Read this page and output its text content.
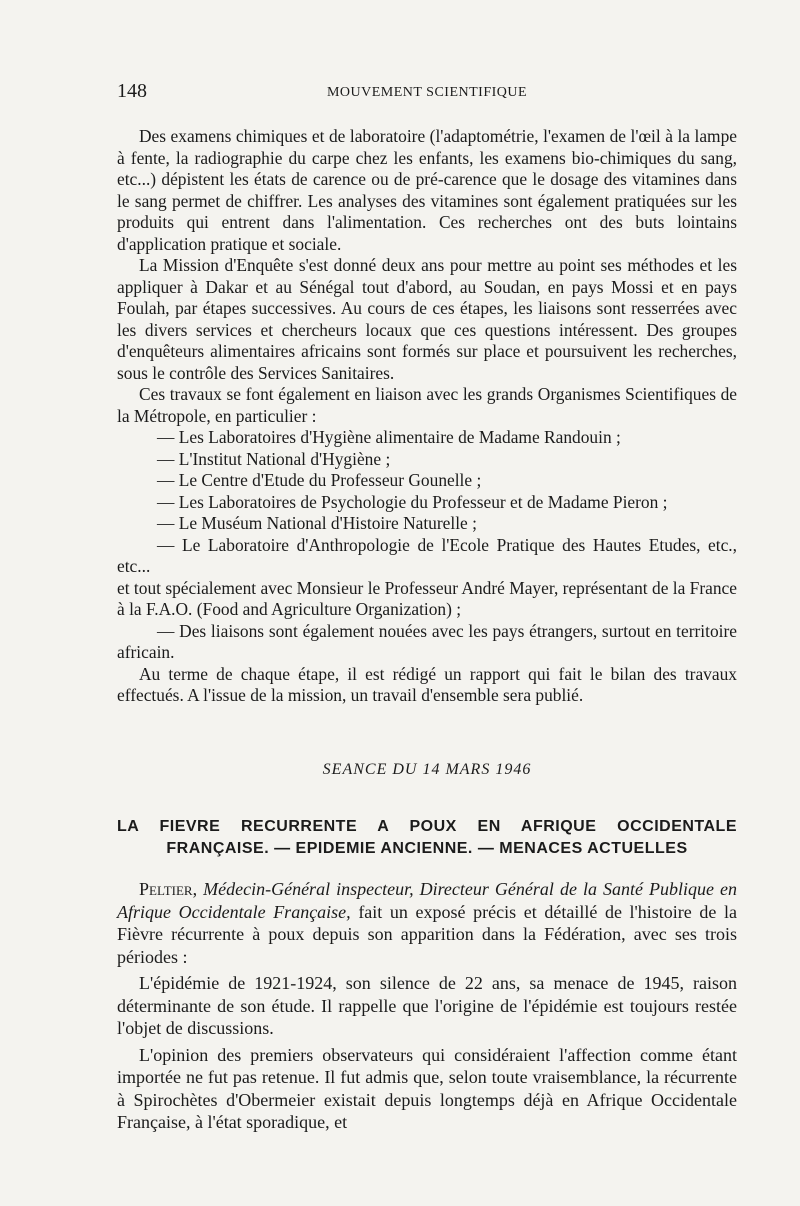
148	MOUVEMENT SCIENTIFIQUE

Des examens chimiques et de laboratoire (l'adaptométrie, l'examen de l'œil à la lampe à fente, la radiographie du carpe chez les enfants, les examens bio-chimiques du sang, etc...) dépistent les états de carence ou de pré-carence que le dosage des vitamines dans le sang permet de chiffrer. Les analyses des vitamines sont également pratiquées sur les produits qui entrent dans l'alimentation. Ces recherches ont des buts lointains d'application pratique et sociale.

La Mission d'Enquête s'est donné deux ans pour mettre au point ses méthodes et les appliquer à Dakar et au Sénégal tout d'abord, au Soudan, en pays Mossi et en pays Foulah, par étapes successives. Au cours de ces étapes, les liaisons sont resserrées avec les divers services et chercheurs locaux que ces questions intéressent. Des groupes d'enquêteurs alimentaires africains sont formés sur place et poursuivent les recherches, sous le contrôle des Services Sanitaires.

Ces travaux se font également en liaison avec les grands Organismes Scientifiques de la Métropole, en particulier :

— Les Laboratoires d'Hygiène alimentaire de Madame Randouin ;

— L'Institut National d'Hygiène ;

— Le Centre d'Etude du Professeur Gounelle ;

— Les Laboratoires de Psychologie du Professeur et de Madame Pieron ;

— Le Muséum National d'Histoire Naturelle ;

— Le Laboratoire d'Anthropologie de l'Ecole Pratique des Hautes Etudes, etc., etc...

et tout spécialement avec Monsieur le Professeur André Mayer, représentant de la France à la F.A.O. (Food and Agriculture Organization) ;

— Des liaisons sont également nouées avec les pays étrangers, surtout en territoire africain.

Au terme de chaque étape, il est rédigé un rapport qui fait le bilan des travaux effectués. A l'issue de la mission, un travail d'ensemble sera publié.

SEANCE DU 14 MARS 1946

LA FIEVRE RECURRENTE A POUX EN AFRIQUE OCCIDENTALE
FRANÇAISE. — EPIDEMIE ANCIENNE. — MENACES ACTUELLES

Peltier, Médecin-Général inspecteur, Directeur Général de la Santé Publique en Afrique Occidentale Française, fait un exposé précis et détaillé de l'histoire de la Fièvre récurrente à poux depuis son apparition dans la Fédération, avec ses trois périodes :

L'épidémie de 1921-1924, son silence de 22 ans, sa menace de 1945, raison déterminante de son étude. Il rappelle que l'origine de l'épidémie est toujours restée l'objet de discussions.

L'opinion des premiers observateurs qui considéraient l'affection comme étant importée ne fut pas retenue. Il fut admis que, selon toute vraisemblance, la récurrente à Spirochètes d'Obermeier existait depuis longtemps déjà en Afrique Occidentale Française, à l'état sporadique, et
